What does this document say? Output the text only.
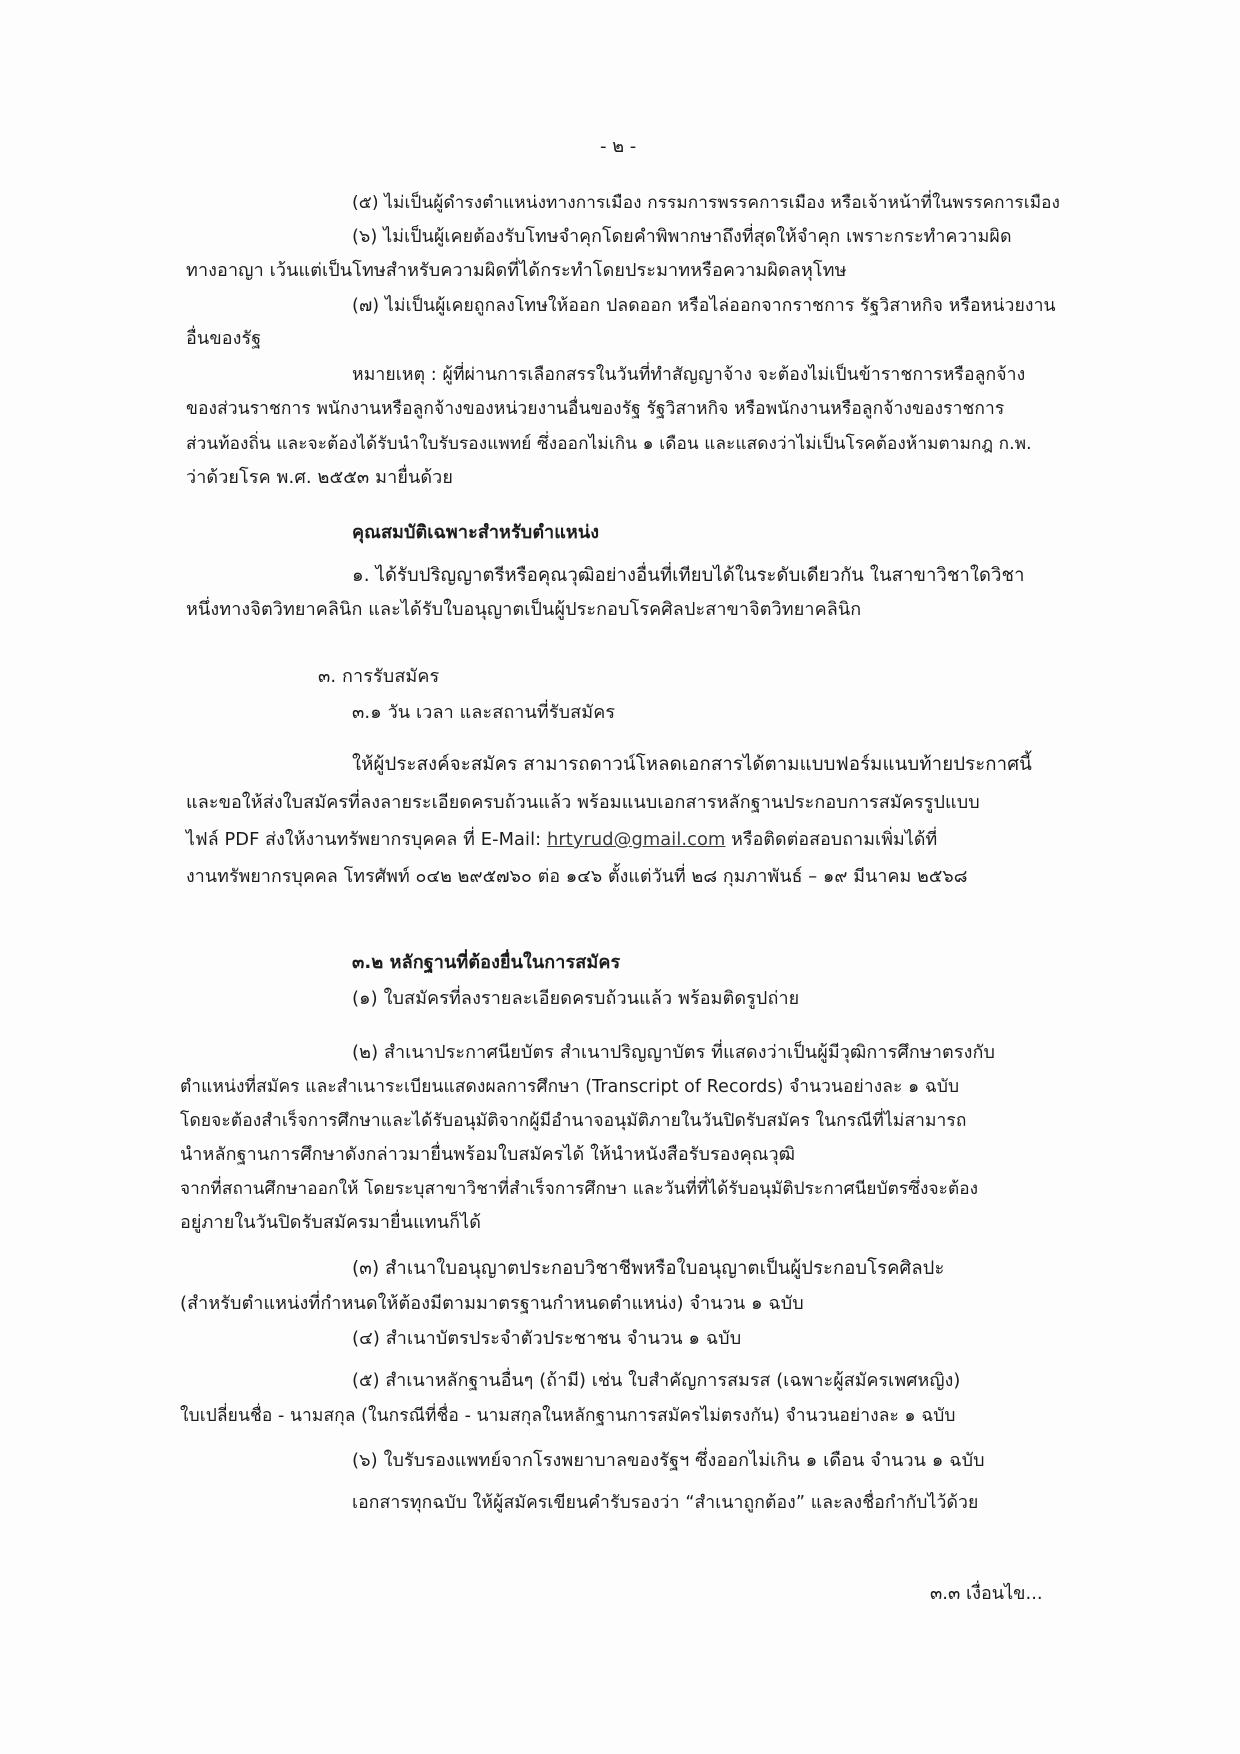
- ๒ -
(๕) ไม่เป็นผู้ดำรงตำแหน่งทางการเมือง กรรมการพรรคการเมือง หรือเจ้าหน้าที่ในพรรคการเมือง
(๖) ไม่เป็นผู้เคยต้องรับโทษจำคุกโดยคำพิพากษาถึงที่สุดให้จำคุก เพราะกระทำความผิด
ทางอาญา เว้นแต่เป็นโทษสำหรับความผิดที่ได้กระทำโดยประมาทหรือความผิดลหุโทษ
(๗) ไม่เป็นผู้เคยถูกลงโทษให้ออก ปลดออก หรือไล่ออกจากราชการ รัฐวิสาหกิจ หรือหน่วยงาน
อื่นของรัฐ
หมายเหตุ : ผู้ที่ผ่านการเลือกสรรในวันที่ทำสัญญาจ้าง จะต้องไม่เป็นข้าราชการหรือลูกจ้าง
ของส่วนราชการ พนักงานหรือลูกจ้างของหน่วยงานอื่นของรัฐ รัฐวิสาหกิจ หรือพนักงานหรือลูกจ้างของราชการ
ส่วนท้องถิ่น และจะต้องได้รับนำใบรับรองแพทย์ ซึ่งออกไม่เกิน ๑ เดือน และแสดงว่าไม่เป็นโรคต้องห้ามตามกฎ ก.พ.
ว่าด้วยโรค พ.ศ. ๒๕๕๓ มายื่นด้วย
คุณสมบัติเฉพาะสำหรับตำแหน่ง
๑. ได้รับปริญญาตรีหรือคุณวุฒิอย่างอื่นที่เทียบได้ในระดับเดียวกัน ในสาขาวิชาใดวิชา
หนึ่งทางจิตวิทยาคลินิก และได้รับใบอนุญาตเป็นผู้ประกอบโรคศิลปะสาขาจิตวิทยาคลินิก
๓. การรับสมัคร
๓.๑ วัน เวลา และสถานที่รับสมัคร
ให้ผู้ประสงค์จะสมัคร สามารถดาวน์โหลดเอกสารได้ตามแบบฟอร์มแนบท้ายประกาศนี้
และขอให้ส่งใบสมัครที่ลงลายระเอียดครบถ้วนแล้ว พร้อมแนบเอกสารหลักฐานประกอบการสมัครรูปแบบ
ไฟล์ PDF ส่งให้งานทรัพยากรบุคคล ที่ E-Mail: hrtyrud@gmail.com หรือติดต่อสอบถามเพิ่มได้ที่
งานทรัพยากรบุคคล โทรศัพท์ ๐๔๒ ๒๙๕๗๖๐ ต่อ ๑๔๖ ตั้งแต่วันที่ ๒๘ กุมภาพันธ์ – ๑๙ มีนาคม ๒๕๖๘
๓.๒ หลักฐานที่ต้องยื่นในการสมัคร
(๑) ใบสมัครที่ลงรายละเอียดครบถ้วนแล้ว พร้อมติดรูปถ่าย
(๒) สำเนาประกาศนียบัตร สำเนาปริญญาบัตร ที่แสดงว่าเป็นผู้มีวุฒิการศึกษาตรงกับ
ตำแหน่งที่สมัคร และสำเนาระเบียนแสดงผลการศึกษา (Transcript of Records) จำนวนอย่างละ ๑ ฉบับ
โดยจะต้องสำเร็จการศึกษาและได้รับอนุมัติจากผู้มีอำนาจอนุมัติภายในวันปิดรับสมัคร ในกรณีที่ไม่สามารถ
นำหลักฐานการศึกษาดังกล่าวมายื่นพร้อมใบสมัครได้ ให้นำหนังสือรับรองคุณวุฒิ
จากที่สถานศึกษาออกให้ โดยระบุสาขาวิชาที่สำเร็จการศึกษา และวันที่ที่ได้รับอนุมัติประกาศนียบัตรซึ่งจะต้อง
อยู่ภายในวันปิดรับสมัครมายื่นแทนก็ได้
(๓) สำเนาใบอนุญาตประกอบวิชาชีพหรือใบอนุญาตเป็นผู้ประกอบโรคศิลปะ
(สำหรับตำแหน่งที่กำหนดให้ต้องมีตามมาตรฐานกำหนดตำแหน่ง) จำนวน ๑ ฉบับ
(๔) สำเนาบัตรประจำตัวประชาชน จำนวน ๑ ฉบับ
(๕) สำเนาหลักฐานอื่นๆ (ถ้ามี) เช่น ใบสำคัญการสมรส (เฉพาะผู้สมัครเพศหญิง)
ใบเปลี่ยนชื่อ - นามสกุล (ในกรณีที่ชื่อ - นามสกุลในหลักฐานการสมัครไม่ตรงกัน) จำนวนอย่างละ ๑ ฉบับ
(๖) ใบรับรองแพทย์จากโรงพยาบาลของรัฐฯ ซึ่งออกไม่เกิน ๑ เดือน จำนวน ๑ ฉบับ
เอกสารทุกฉบับ ให้ผู้สมัครเขียนคำรับรองว่า “สำเนาถูกต้อง” และลงชื่อกำกับไว้ด้วย
๓.๓ เงื่อนไข...
